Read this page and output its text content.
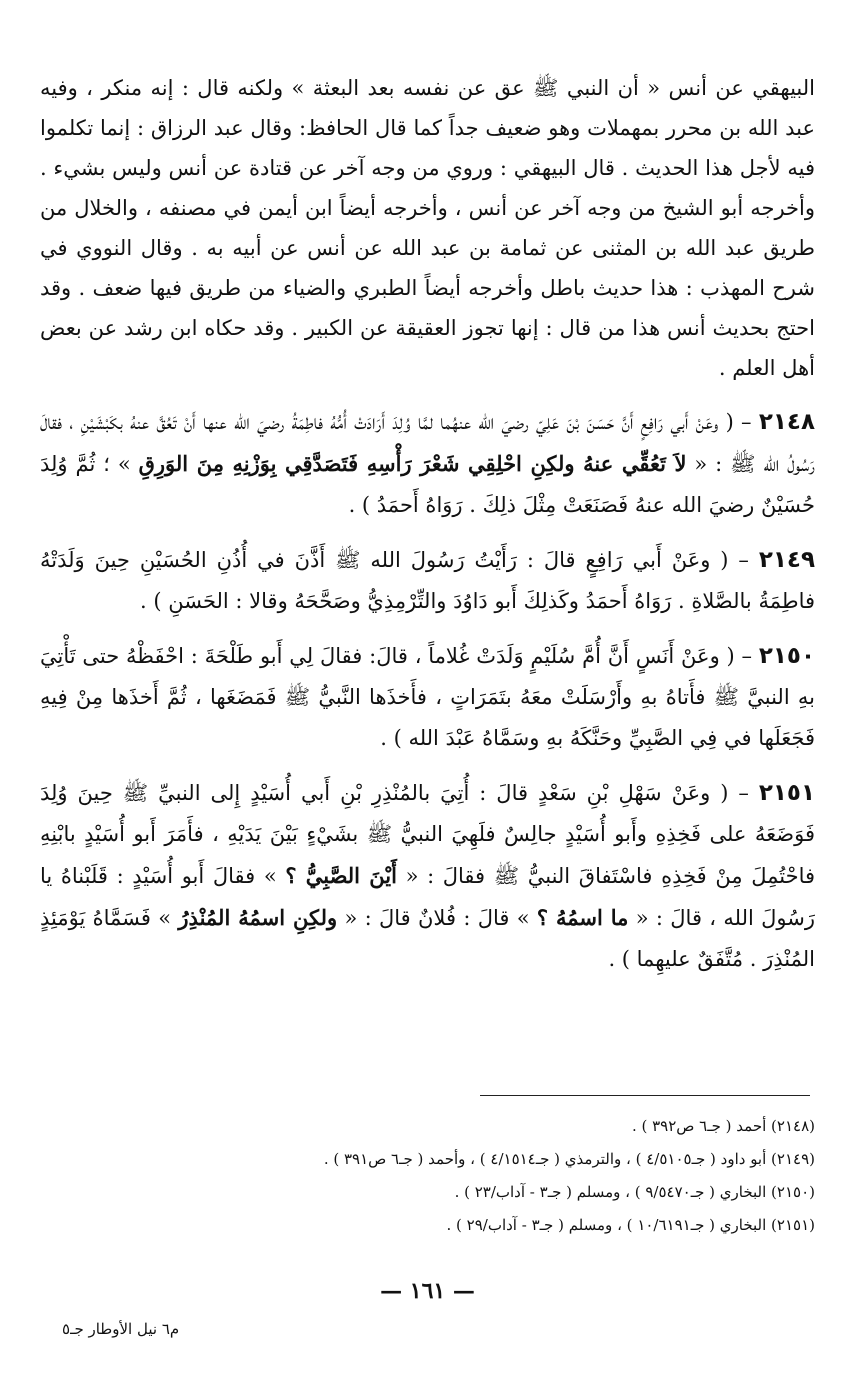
البيهقي عن أنس « أن النبي ﷺ عق عن نفسه بعد البعثة » ولكنه قال : إنه منكر ، وفيه عبد الله بن محرر بمهملات وهو ضعيف جداً كما قال الحافظ: وقال عبد الرزاق : إنما تكلموا فيه لأجل هذا الحديث . قال البيهقي : وروي من وجه آخر عن قتادة عن أنس وليس بشيء . وأخرجه أبو الشيخ من وجه آخر عن أنس ، وأخرجه أيضاً ابن أيمن في مصنفه ، والخلال من طريق عبد الله بن المثنى عن ثمامة بن عبد الله عن أنس عن أبيه به . وقال النووي في شرح المهذب : هذا حديث باطل وأخرجه أيضاً الطبري والضياء من طريق فيها ضعف . وقد احتج بحديث أنس هذا من قال : إنها تجوز العقيقة عن الكبير . وقد حكاه ابن رشد عن بعض أهل العلم .

٢١٤٨ – ( وعَنْ أَبي رَافِعٍ أَنَّ حَسَنَ بْنَ عَلِيّ رضيَ الله عنهُما لمَّا وُلِدَ أَرَادَتْ أُمُّهُ فاطِمَةُ رضيَ الله عنها أَنْ تَعُقَّ عنهُ بكَبْشَيْنِ ، فقالَ رَسُولُ الله ﷺ : « لاَ تَعُقِّي عنهُ ولكِنِ احْلِقِي شَعْرَ رَأْسِهِ فَتَصَدَّقِي بِوَزْنِهِ مِنَ الوَرِقِ » ؛ ثُمَّ وُلِدَ حُسَيْنٌ رضيَ الله عنهُ فَصَنَعَتْ مِثْلَ ذلِكَ . رَوَاهُ أَحمَدُ ) .

٢١٤٩ – ( وعَنْ أَبي رَافِعٍ قالَ : رَأَيْتُ رَسُولَ الله ﷺ أَذَّنَ في أُذُنِ الحُسَيْنِ حِينَ وَلَدَتْهُ فاطِمَةُ بالصَّلاةِ . رَوَاهُ أَحمَدُ وكَذلِكَ أَبو دَاوُدَ والتِّرْمِذِيُّ وصَحَّحَهُ وقالا : الحَسَنِ ) .

٢١٥٠ – ( وعَنْ أَنَسٍ أَنَّ أُمَّ سُلَيْمٍ وَلَدَتْ غُلاماً ، قالَ: فقالَ لِي أَبو طَلْحَةَ : احْفَظْهُ حتى تَأْتِيَ بهِ النبيَّ ﷺ فأَتاهُ بهِ وأَرْسَلَتْ معَهُ بتَمَرَاتٍ ، فأَخذَها النَّبيُّ ﷺ فَمَضَغَها ، ثُمَّ أَخذَها مِنْ فِيهِ فَجَعَلَها في فِي الصَّبِيِّ وحَنَّكَهُ بهِ وسَمَّاهُ عَبْدَ الله ) .

٢١٥١ – ( وعَنْ سَهْلِ بْنِ سَعْدٍ قالَ : أُتِيَ بالمُنْذِرِ بْنِ أَبي أُسَيْدٍ إِلى النبيِّ ﷺ حِينَ وُلِدَ فَوَضَعَهُ على فَخِذِهِ وأَبو أُسَيْدٍ جالِسٌ فلَهِيَ النبيُّ ﷺ بشَيْءٍ بَيْنَ يَدَيْهِ ، فأَمَرَ أَبو أُسَيْدٍ بابْنِهِ فاحْتُمِلَ مِنْ فَخِذِهِ فاسْتَفاقَ النبيُّ ﷺ فقالَ : « أَيْنَ الصَّبِيُّ ؟ » فقالَ أَبو أُسَيْدٍ : قَلَبْناهُ يا رَسُولَ الله ، قالَ : « ما اسمُهُ ؟ » قالَ : فُلانٌ قالَ : « ولكِنِ اسمُهُ المُنْذِرُ » فَسَمَّاهُ يَوْمَئِذٍ المُنْذِرَ . مُتَّفَقٌ عليهِما ) .

(٢١٤٨) أحمد ( جـ٦ ص٣٩٢ ) .

(٢١٤٩) أبو داود ( جـ٤/٥١٠٥ ) ، والترمذي ( جـ٤/١٥١٤ ) ، وأحمد ( جـ٦ ص٣٩١ ) .

(٢١٥٠) البخاري ( جـ٩/٥٤٧٠ ) ، ومسلم ( جـ٣ - آداب/٢٣ ) .

(٢١٥١) البخاري ( جـ١٠/٦١٩١ ) ، ومسلم ( جـ٣ - آداب/٢٩ ) .

— ١٦١ —
م٦ نيل الأوطار جـ٥
